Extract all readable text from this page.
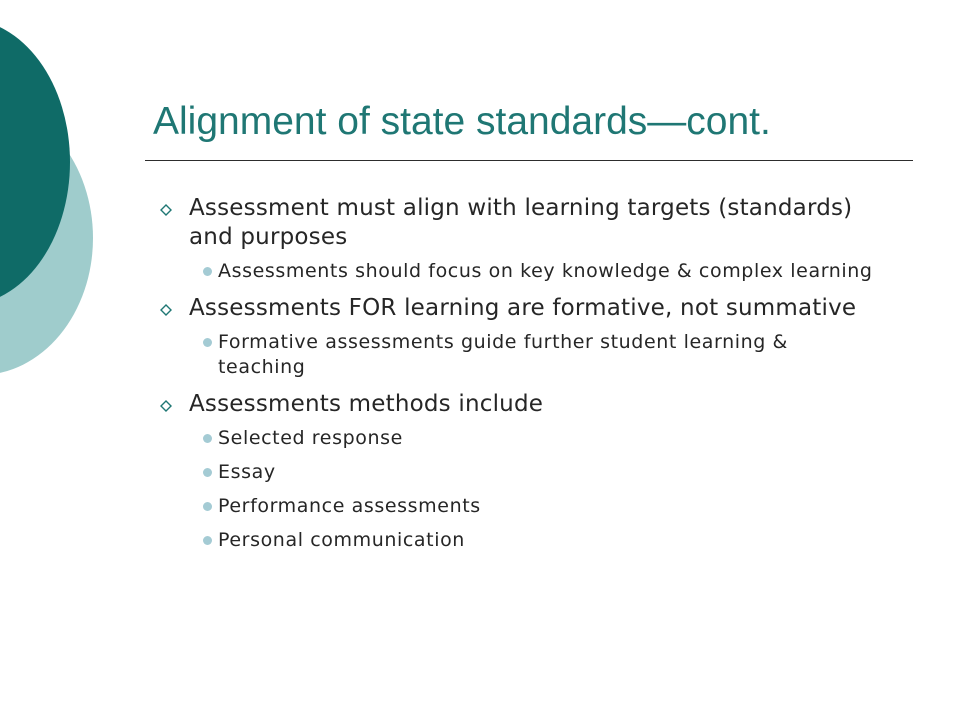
Alignment of state standards—cont.
Assessment must align with learning targets (standards) and purposes
Assessments should focus on key knowledge & complex learning
Assessments FOR learning are formative, not summative
Formative assessments guide further student learning & teaching
Assessments methods include
Selected response
Essay
Performance assessments
Personal communication
